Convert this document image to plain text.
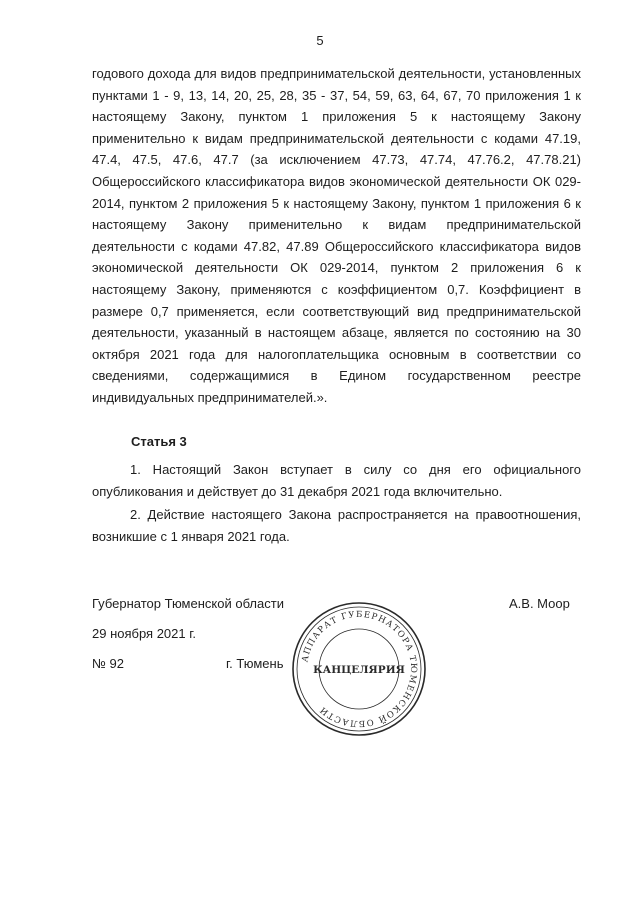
5

годового дохода для видов предпринимательской деятельности, установленных пунктами 1 - 9, 13, 14, 20, 25, 28, 35 - 37, 54, 59, 63, 64, 67, 70 приложения 1 к настоящему Закону, пунктом 1 приложения 5 к настоящему Закону применительно к видам предпринимательской деятельности с кодами 47.19, 47.4, 47.5, 47.6, 47.7 (за исключением 47.73, 47.74, 47.76.2, 47.78.21) Общероссийского классификатора видов экономической деятельности ОК 029-2014, пунктом 2 приложения 5 к настоящему Закону, пунктом 1 приложения 6 к настоящему Закону применительно к видам предпринимательской деятельности с кодами 47.82, 47.89 Общероссийского классификатора видов экономической деятельности ОК 029-2014, пунктом 2 приложения 6 к настоящему Закону, применяются с коэффициентом 0,7. Коэффициент в размере 0,7 применяется, если соответствующий вид предпринимательской деятельности, указанный в настоящем абзаце, является по состоянию на 30 октября 2021 года для налогоплательщика основным в соответствии со сведениями, содержащимися в Едином государственном реестре индивидуальных предпринимателей.».

Статья 3

1. Настоящий Закон вступает в силу со дня его официального опубликования и действует до 31 декабря 2021 года включительно.

2. Действие настоящего Закона распространяется на правоотношения, возникшие с 1 января 2021 года.

Губернатор Тюменской области	А.В. Моор
29 ноября 2021 г.
№ 92	г. Тюмень АППАРАТ ГУБЕРНАТОРА ТЮМЕНСКОЙ ОБЛАСТИ
КАНЦЕЛЯРИЯ
